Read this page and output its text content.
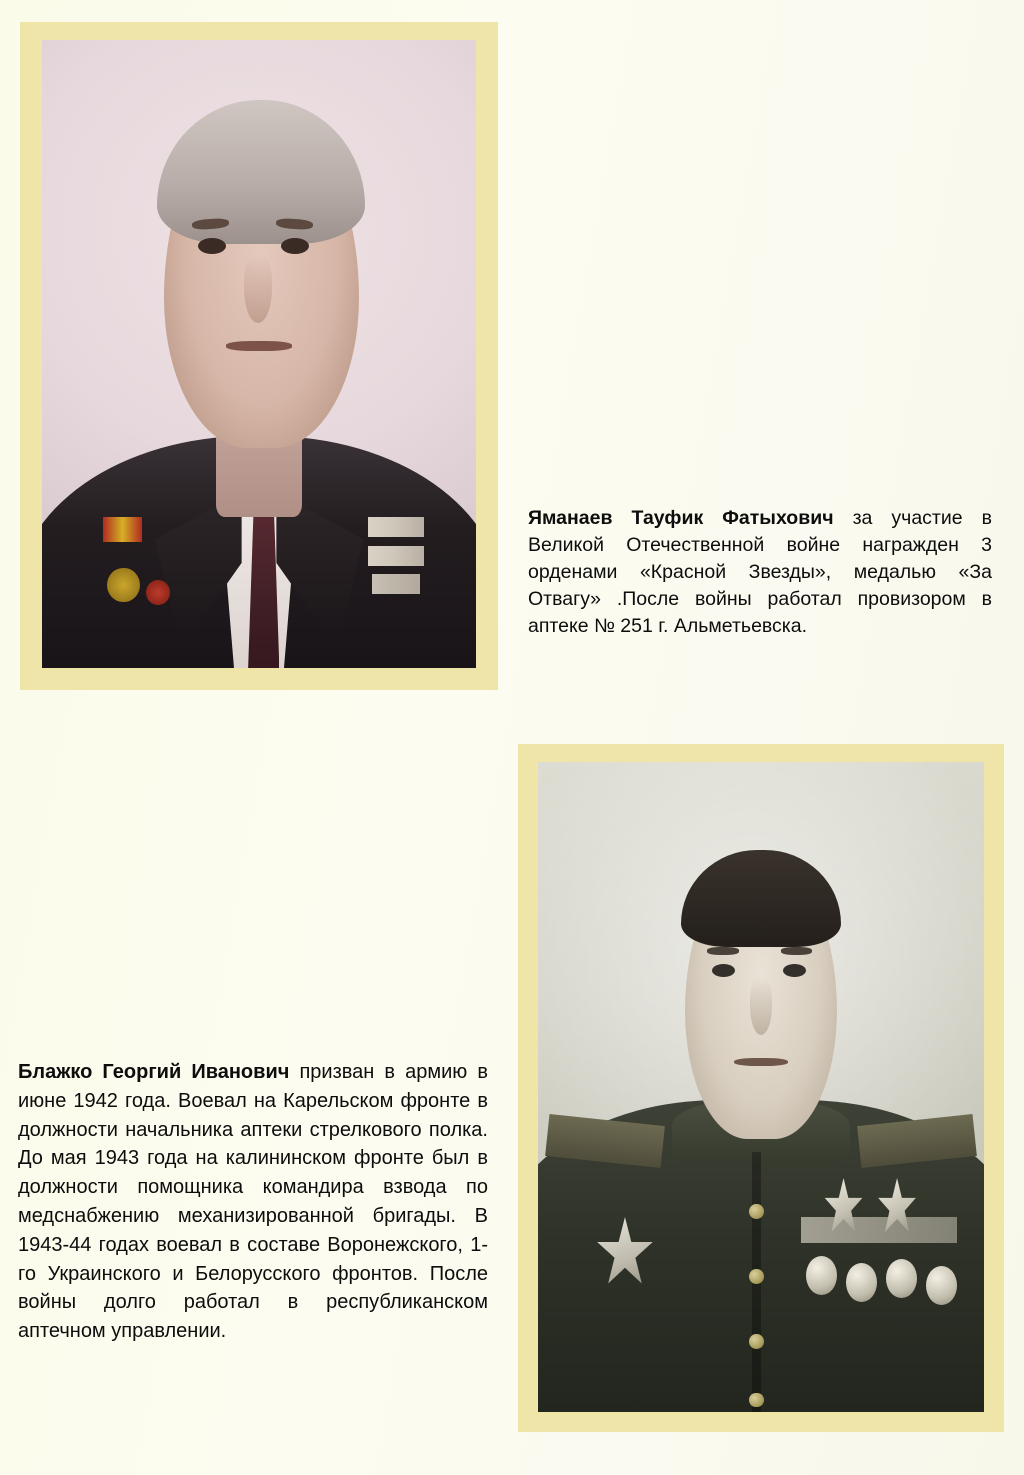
Яманаев Тауфик Фатыхович за участие в Великой Отечественной войне награжден 3 орденами «Красной Звезды», медалью «За Отвагу» .После войны работал провизором в аптеке № 251 г. Альметьевска.
Блажко Георгий Иванович призван в армию в июне 1942 года. Воевал на Карельском фронте в должности начальника аптеки стрелкового полка. До мая 1943 года на калининском фронте был в должности помощника командира взвода по медснабжению механизированной бригады. В 1943-44 годах воевал в составе Воронежского, 1-го Украинского и Белорусского фронтов. После войны долго работал в республиканском аптечном управлении.
